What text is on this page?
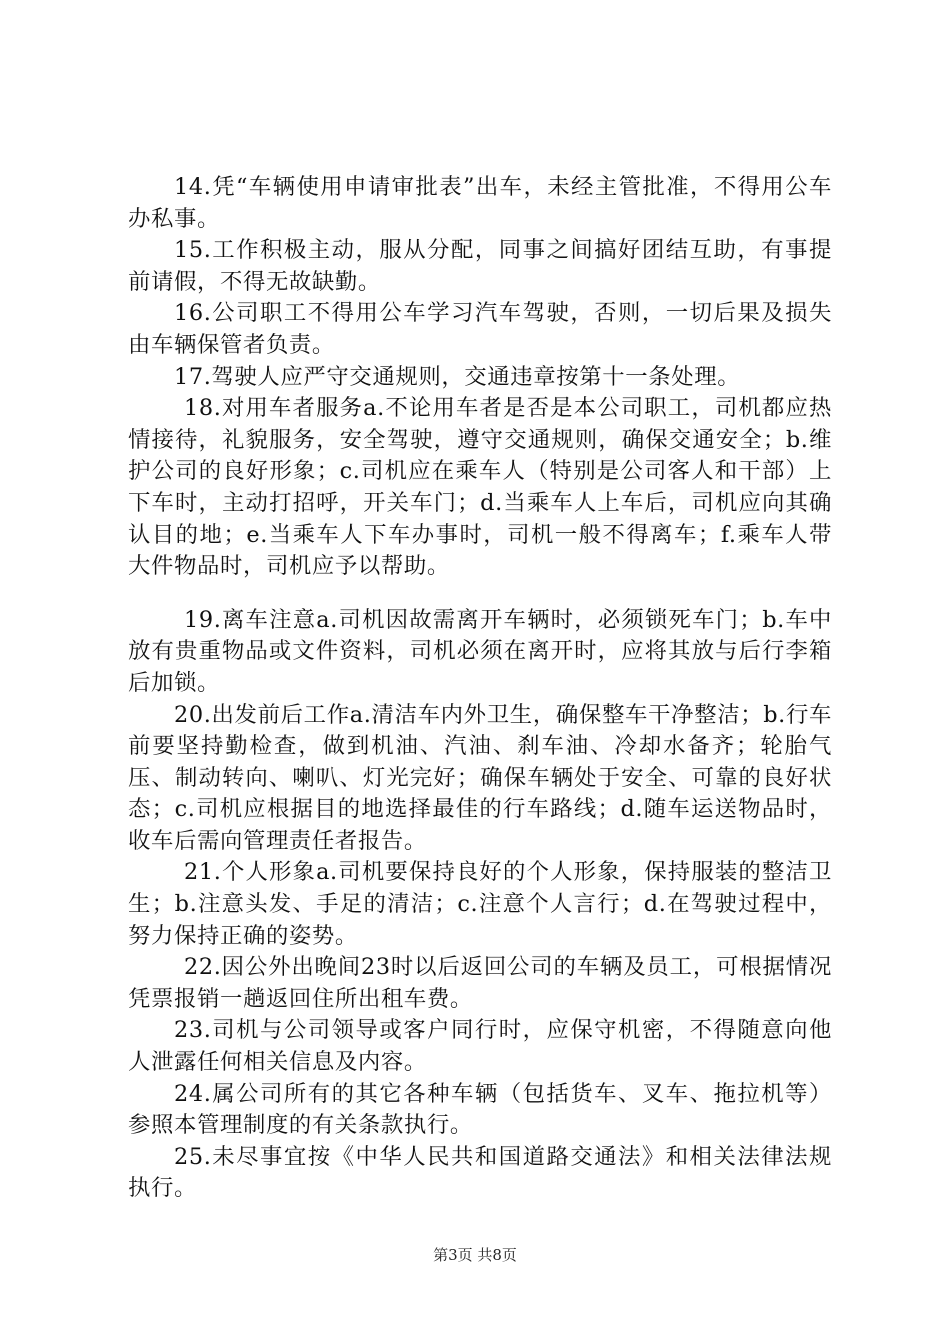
14.凭“车辆使用申请审批表”出车，未经主管批准，不得用公车办私事。

15.工作积极主动，服从分配，同事之间搞好团结互助，有事提前请假，不得无故缺勤。

16.公司职工不得用公车学习汽车驾驶，否则，一切后果及损失由车辆保管者负责。

17.驾驶人应严守交通规则，交通违章按第十一条处理。

18.对用车者服务a.不论用车者是否是本公司职工，司机都应热情接待，礼貌服务，安全驾驶，遵守交通规则，确保交通安全；b.维护公司的良好形象；c.司机应在乘车人（特别是公司客人和干部）上下车时，主动打招呼，开关车门；d.当乘车人上车后，司机应向其确认目的地；e.当乘车人下车办事时，司机一般不得离车；f.乘车人带大件物品时，司机应予以帮助。

19.离车注意a.司机因故需离开车辆时，必须锁死车门；b.车中放有贵重物品或文件资料，司机必须在离开时，应将其放与后行李箱后加锁。

20.出发前后工作a.清洁车内外卫生，确保整车干净整洁；b.行车前要坚持勤检查，做到机油、汽油、刹车油、冷却水备齐；轮胎气压、制动转向、喇叭、灯光完好；确保车辆处于安全、可靠的良好状态；c.司机应根据目的地选择最佳的行车路线；d.随车运送物品时，收车后需向管理责任者报告。

21.个人形象a.司机要保持良好的个人形象，保持服装的整洁卫生；b.注意头发、手足的清洁；c.注意个人言行；d.在驾驶过程中，努力保持正确的姿势。

22.因公外出晚间23时以后返回公司的车辆及员工，可根据情况凭票报销一趟返回住所出租车费。

23.司机与公司领导或客户同行时，应保守机密，不得随意向他人泄露任何相关信息及内容。

24.属公司所有的其它各种车辆（包括货车、叉车、拖拉机等）参照本管理制度的有关条款执行。

25.未尽事宜按《中华人民共和国道路交通法》和相关法律法规执行。

第3页 共8页
